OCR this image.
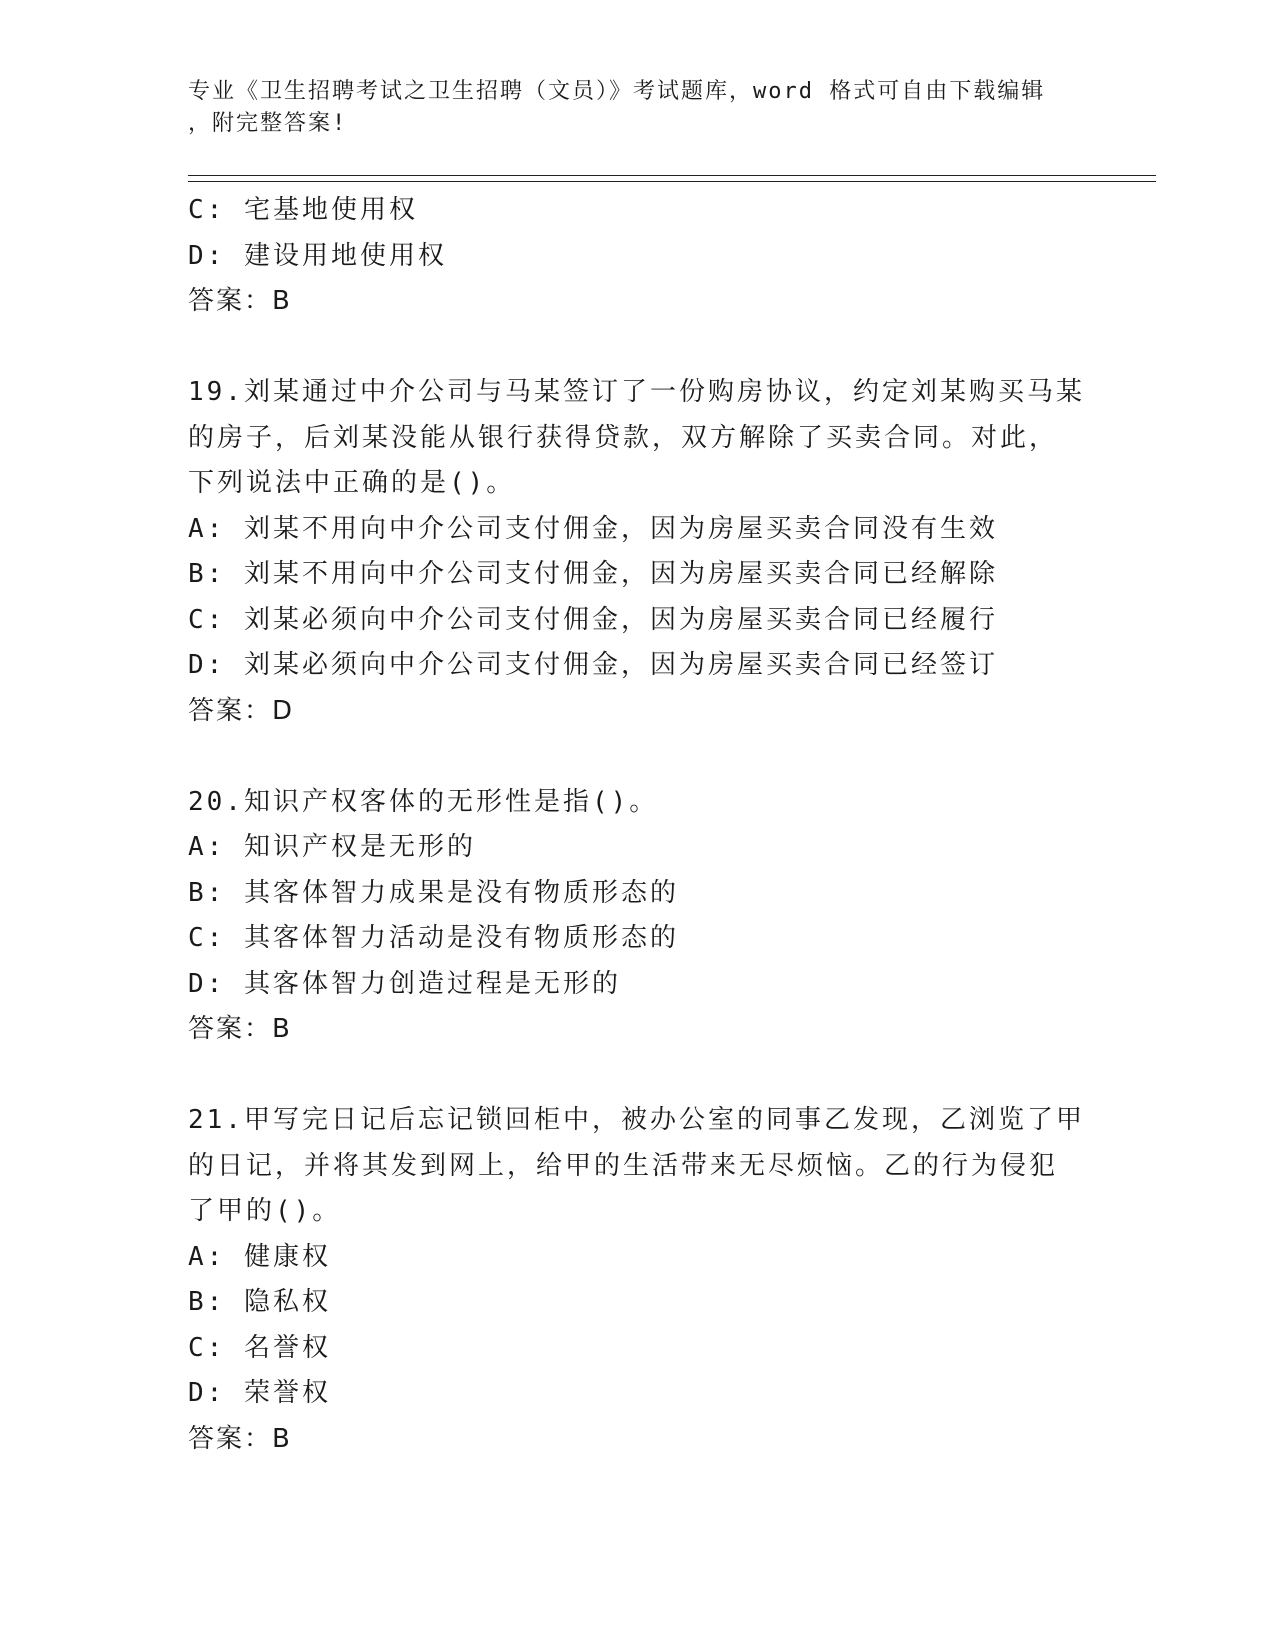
专业《卫生招聘考试之卫生招聘（文员）》考试题库，word 格式可自由下载编辑
，附完整答案!
C: 宅基地使用权
D: 建设用地使用权
答案：B
19.刘某通过中介公司与马某签订了一份购房协议，约定刘某购买马某
的房子，后刘某没能从银行获得贷款，双方解除了买卖合同。对此，
下列说法中正确的是()。
A: 刘某不用向中介公司支付佣金，因为房屋买卖合同没有生效
B: 刘某不用向中介公司支付佣金，因为房屋买卖合同已经解除
C: 刘某必须向中介公司支付佣金，因为房屋买卖合同已经履行
D: 刘某必须向中介公司支付佣金，因为房屋买卖合同已经签订
答案：D
20.知识产权客体的无形性是指()。
A: 知识产权是无形的
B: 其客体智力成果是没有物质形态的
C: 其客体智力活动是没有物质形态的
D: 其客体智力创造过程是无形的
答案：B
21.甲写完日记后忘记锁回柜中，被办公室的同事乙发现，乙浏览了甲
的日记，并将其发到网上，给甲的生活带来无尽烦恼。乙的行为侵犯
了甲的()。
A: 健康权
B: 隐私权
C: 名誉权
D: 荣誉权
答案：B
